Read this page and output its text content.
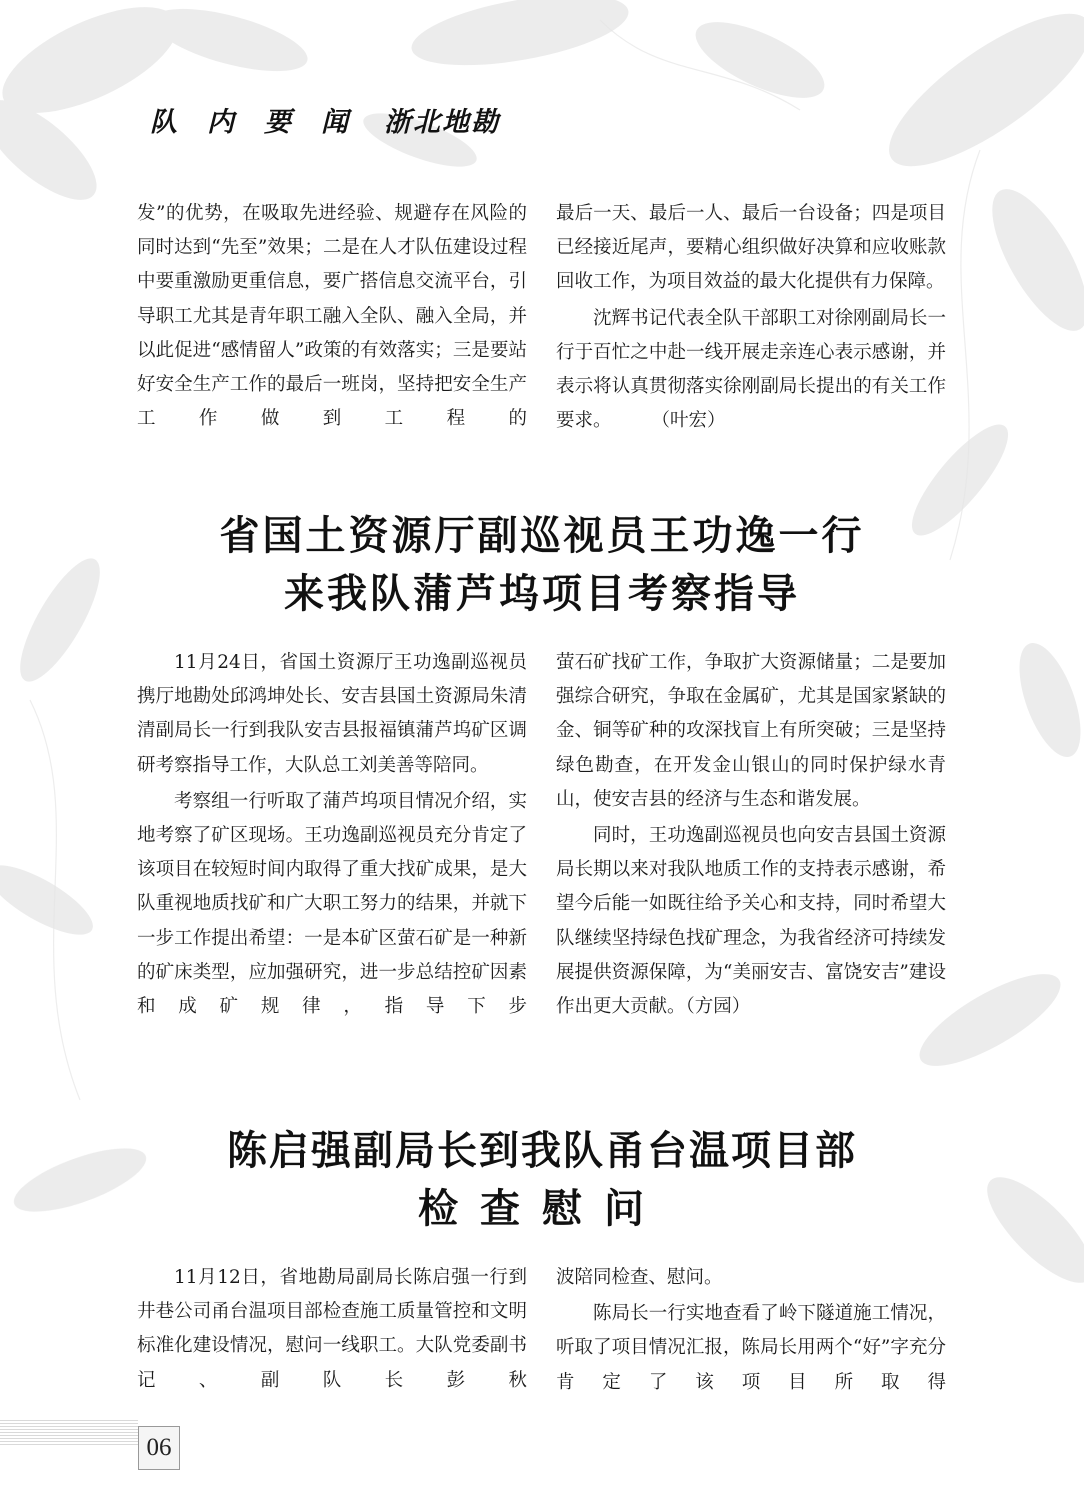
队内要闻 浙北地勘

发”的优势，在吸取先进经验、规避存在风险的同时达到“先至”效果；二是在人才队伍建设过程中要重激励更重信息，要广搭信息交流平台，引导职工尤其是青年职工融入全队、融入全局，并以此促进“感情留人”政策的有效落实；三是要站好安全生产工作的最后一班岗，坚持把安全生产工作做到工程的

最后一天、最后一人、最后一台设备；四是项目已经接近尾声，要精心组织做好决算和应收账款回收工作，为项目效益的最大化提供有力保障。

沈辉书记代表全队干部职工对徐刚副局长一行于百忙之中赴一线开展走亲连心表示感谢，并表示将认真贯彻落实徐刚副局长提出的有关工作要求。 （叶宏）

省国土资源厅副巡视员王功逸一行
来我队蒲芦坞项目考察指导

11月24日，省国土资源厅王功逸副巡视员携厅地勘处邱鸿坤处长、安吉县国土资源局朱清清副局长一行到我队安吉县报福镇蒲芦坞矿区调研考察指导工作，大队总工刘美善等陪同。

考察组一行听取了蒲芦坞项目情况介绍，实地考察了矿区现场。王功逸副巡视员充分肯定了该项目在较短时间内取得了重大找矿成果，是大队重视地质找矿和广大职工努力的结果，并就下一步工作提出希望：一是本矿区萤石矿是一种新的矿床类型，应加强研究，进一步总结控矿因素和成矿规律，指导下步

萤石矿找矿工作，争取扩大资源储量；二是要加强综合研究，争取在金属矿，尤其是国家紧缺的金、铜等矿种的攻深找盲上有所突破；三是坚持绿色勘查，在开发金山银山的同时保护绿水青山，使安吉县的经济与生态和谐发展。

同时，王功逸副巡视员也向安吉县国土资源局长期以来对我队地质工作的支持表示感谢，希望今后能一如既往给予关心和支持，同时希望大队继续坚持绿色找矿理念，为我省经济可持续发展提供资源保障，为“美丽安吉、富饶安吉”建设作出更大贡献。（方园）

陈启强副局长到我队甬台温项目部
检查慰问

11月12日，省地勘局副局长陈启强一行到井巷公司甬台温项目部检查施工质量管控和文明标准化建设情况，慰问一线职工。大队党委副书记、副队长彭秋

波陪同检查、慰问。

陈局长一行实地查看了岭下隧道施工情况，听取了项目情况汇报，陈局长用两个“好”字充分肯定了该项目所取得

06
